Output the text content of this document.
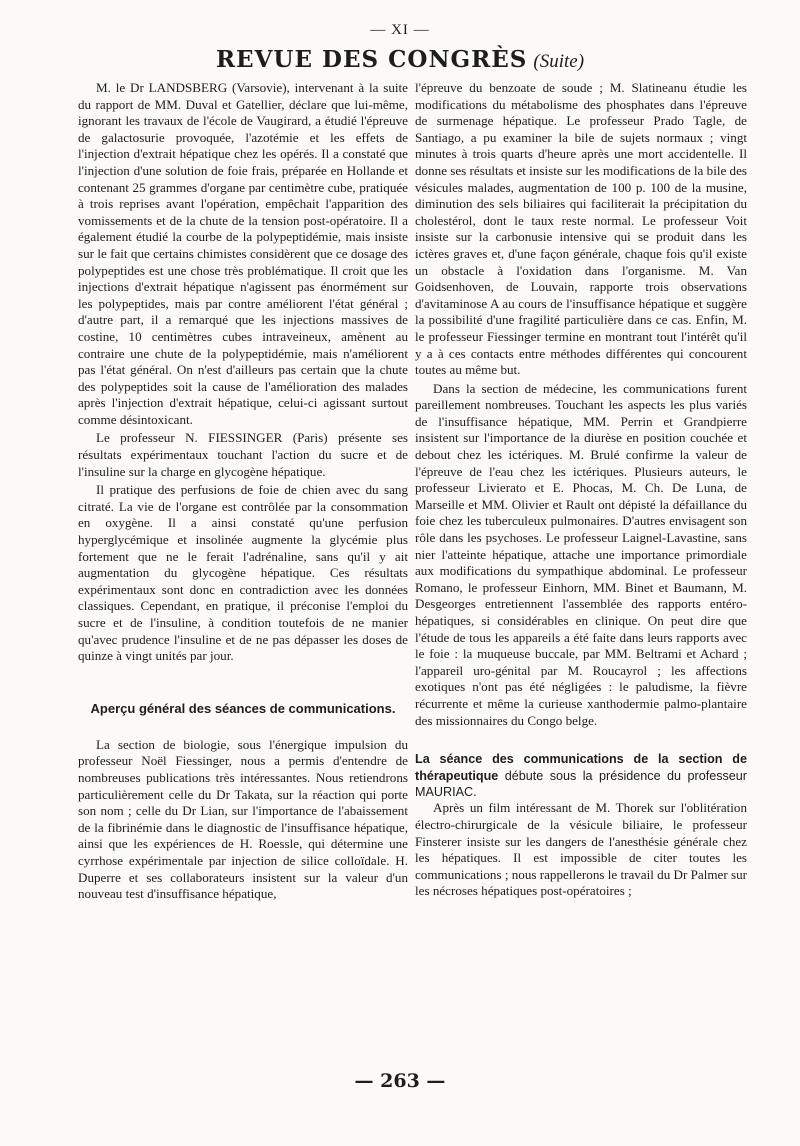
— XI —
REVUE DES CONGRÈS (Suite)

M. le Dr LANDSBERG (Varsovie), intervenant à la suite du rapport de MM. Duval et Gatellier, déclare que lui-même, ignorant les travaux de l'école de Vaugirard, a étudié l'épreuve de galactosurie provoquée, l'azotémie et les effets de l'injection d'extrait hépatique chez les opérés. Il a constaté que l'injection d'une solution de foie frais, préparée en Hollande et contenant 25 grammes d'organe par centimètre cube, pratiquée à trois reprises avant l'opération, empêchait l'apparition des vomissements et de la chute de la tension post-opératoire. Il a également étudié la courbe de la polypeptidémie, mais insiste sur le fait que certains chimistes considèrent que ce dosage des polypeptides est une chose très problématique. Il croit que les injections d'extrait hépatique n'agissent pas énormément sur les polypeptides, mais par contre améliorent l'état général ; d'autre part, il a remarqué que les injections massives de costine, 10 centimètres cubes intraveineux, amènent au contraire une chute de la polypeptidémie, mais n'améliorent pas l'état général. On n'est d'ailleurs pas certain que la chute des polypeptides soit la cause de l'amélioration des malades après l'injection d'extrait hépatique, celui-ci agissant surtout comme désintoxicant.

Le professeur N. FIESSINGER (Paris) présente ses résultats expérimentaux touchant l'action du sucre et de l'insuline sur la charge en glycogène hépatique.

Il pratique des perfusions de foie de chien avec du sang citraté. La vie de l'organe est contrôlée par la consommation en oxygène. Il a ainsi constaté qu'une perfusion hyperglycémique et insolinée augmente la glycémie plus fortement que ne le ferait l'adrénaline, sans qu'il y ait augmentation du glycogène hépatique. Ces résultats expérimentaux sont donc en contradiction avec les données classiques. Cependant, en pratique, il préconise l'emploi du sucre et de l'insuline, à condition toutefois de ne manier qu'avec prudence l'insuline et de ne pas dépasser les doses de quinze à vingt unités par jour.

Aperçu général des séances de communications.

La section de biologie, sous l'énergique impulsion du professeur Noël Fiessinger, nous a permis d'entendre de nombreuses publications très intéressantes. Nous retiendrons particulièrement celle du Dr Takata, sur la réaction qui porte son nom ; celle du Dr Lian, sur l'importance de l'abaissement de la fibrinémie dans le diagnostic de l'insuffisance hépatique, ainsi que les expériences de H. Roessle, qui détermine une cyrrhose expérimentale par injection de silice colloïdale. H. Duperre et ses collaborateurs insistent sur la valeur d'un nouveau test d'insuffisance hépatique,

l'épreuve du benzoate de soude ; M. Slatineanu étudie les modifications du métabolisme des phosphates dans l'épreuve de surmenage hépatique. Le professeur Prado Tagle, de Santiago, a pu examiner la bile de sujets normaux ; vingt minutes à trois quarts d'heure après une mort accidentelle. Il donne ses résultats et insiste sur les modifications de la bile des vésicules malades, augmentation de 100 p. 100 de la musine, diminution des sels biliaires qui faciliterait la précipitation du cholestérol, dont le taux reste normal. Le professeur Voit insiste sur la carbonusie intensive qui se produit dans les ictères graves et, d'une façon générale, chaque fois qu'il existe un obstacle à l'oxidation dans l'organisme. M. Van Goidsenhoven, de Louvain, rapporte trois observations d'avitaminose A au cours de l'insuffisance hépatique et suggère la possibilité d'une fragilité particulière dans ce cas. Enfin, M. le professeur Fiessinger termine en montrant tout l'intérêt qu'il y a à ces contacts entre méthodes différentes qui concourent toutes au même but.

Dans la section de médecine, les communications furent pareillement nombreuses. Touchant les aspects les plus variés de l'insuffisance hépatique, MM. Perrin et Grandpierre insistent sur l'importance de la diurèse en position couchée et debout chez les ictériques. M. Brulé confirme la valeur de l'épreuve de l'eau chez les ictériques. Plusieurs auteurs, le professeur Livierato et E. Phocas, M. Ch. De Luna, de Marseille et MM. Olivier et Rault ont dépisté la défaillance du foie chez les tuberculeux pulmonaires. D'autres envisagent son rôle dans les psychoses. Le professeur Laignel-Lavastine, sans nier l'atteinte hépatique, attache une importance primordiale aux modifications du sympathique abdominal. Le professeur Romano, le professeur Einhorn, MM. Binet et Baumann, M. Desgeorges entretiennent l'assemblée des rapports entéro-hépatiques, si considérables en clinique. On peut dire que l'étude de tous les appareils a été faite dans leurs rapports avec le foie : la muqueuse buccale, par MM. Beltrami et Achard ; l'appareil uro-génital par M. Roucayrol ; les affections exotiques n'ont pas été négligées : le paludisme, la fièvre récurrente et même la curieuse xanthodermie palmo-plantaire des missionnaires du Congo belge.

La séance des communications de la section de thérapeutique débute sous la présidence du professeur MAURIAC.

Après un film intéressant de M. Thorek sur l'oblitération électro-chirurgicale de la vésicule biliaire, le professeur Finsterer insiste sur les dangers de l'anesthésie générale chez les hépatiques. Il est impossible de citer toutes les communications ; nous rappellerons le travail du Dr Palmer sur les nécroses hépatiques post-opératoires ;

— 263 —
